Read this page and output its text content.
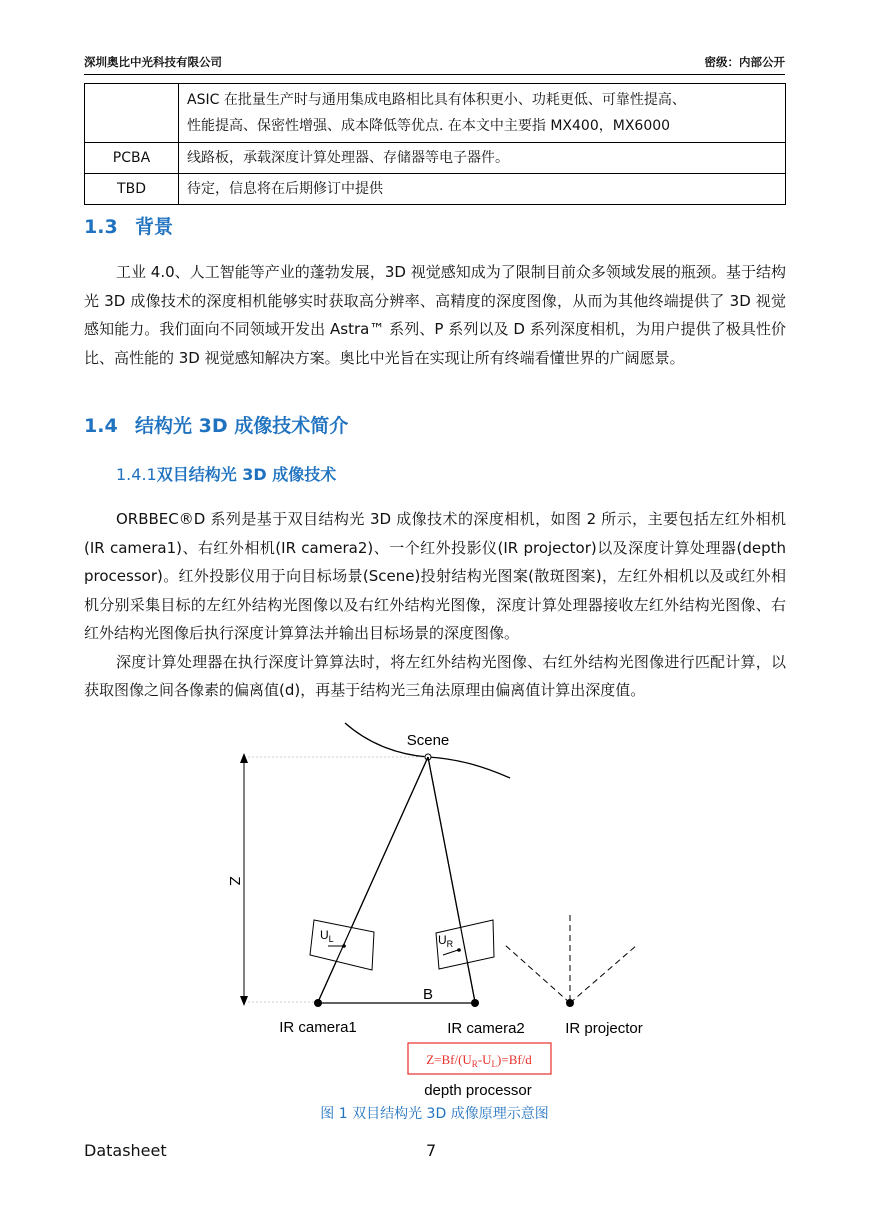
深圳奥比中光科技有限公司	密级：内部公开

	ASIC 在批量生产时与通用集成电路相比具有体积更小、功耗更低、可靠性提高、
性能提高、保密性增强、成本降低等优点. 在本文中主要指 MX400，MX6000

PCBA	线路板，承载深度计算处理器、存储器等电子器件。
TBD	待定，信息将在后期修订中提供
1.3 背景

工业 4.0、人工智能等产业的蓬勃发展，3D 视觉感知成为了限制目前众多领域发展的瓶颈。基于结构光 3D 成像技术的深度相机能够实时获取高分辨率、高精度的深度图像，从而为其他终端提供了 3D 视觉感知能力。我们面向不同领域开发出 Astra™ 系列、P 系列以及 D 系列深度相机，为用户提供了极具性价比、高性能的 3D 视觉感知解决方案。奥比中光旨在实现让所有终端看懂世界的广阔愿景。

1.4 结构光 3D 成像技术简介
1.4.1双目结构光 3D 成像技术

ORBBEC®D 系列是基于双目结构光 3D 成像技术的深度相机，如图 2 所示，主要包括左红外相机(IR camera1)、右红外相机(IR camera2)、一个红外投影仪(IR projector)以及深度计算处理器(depth processor)。红外投影仪用于向目标场景(Scene)投射结构光图案(散斑图案)，左红外相机以及或红外相机分别采集目标的左红外结构光图像以及右红外结构光图像，深度计算处理器接收左红外结构光图像、右红外结构光图像后执行深度计算算法并输出目标场景的深度图像。

深度计算处理器在执行深度计算算法时，将左红外结构光图像、右红外结构光图像进行匹配计算，以获取图像之间各像素的偏离值(d)，再基于结构光三角法原理由偏离值计算出深度值。

Scene
Z
$U_L$	$U_R$
B
IR camera1	IR camera2	IR projector
$Z=Bf/(U_R-U_L)=Bf/d$
depth processor
图 1 双目结构光 3D 成像原理示意图
Datasheet	7
